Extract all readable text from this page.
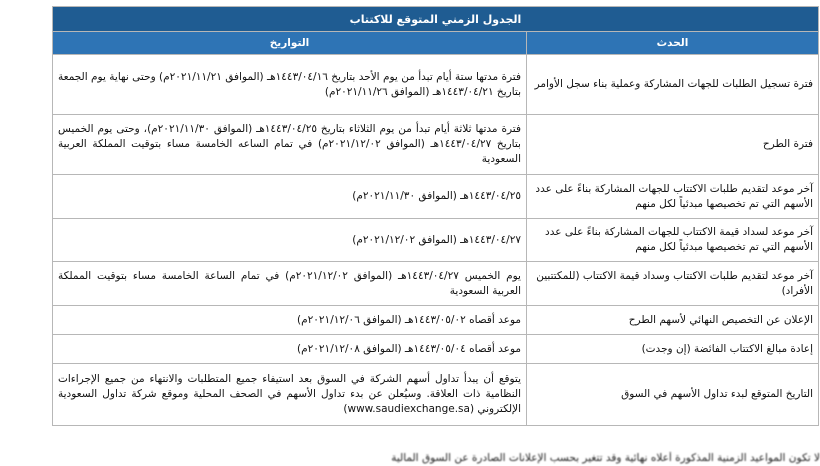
الجدول الزمني المتوقع للاكتتاب	
الحدث	التواريخ
فترة تسجيل الطلبات للجهات المشاركة وعملية بناء سجل الأوامر	فترة مدتها ستة أيام تبدأ من يوم الأحد بتاريخ ١٤٤٣/٠٤/١٦هـ (الموافق ٢٠٢١/١١/٢١م) وحتى نهاية يوم الجمعة بتاريخ ١٤٤٣/٠٤/٢١هـ (الموافق ٢٠٢١/١١/٢٦م)
فترة الطرح	فترة مدتها ثلاثة أيام تبدأ من يوم الثلاثاء بتاريخ ١٤٤٣/٠٤/٢٥هـ (الموافق ٢٠٢١/١١/٣٠م)، وحتى يوم الخميس بتاريخ ١٤٤٣/٠٤/٢٧هـ (الموافق ٢٠٢١/١٢/٠٢م) في تمام الساعه الخامسة مساء بتوقيت المملكة العربية السعودية
آخر موعد لتقديم طلبات الاكتتاب للجهات المشاركة بناءً على عدد الأسهم التي تم تخصيصها مبدئياً لكل منهم	١٤٤٣/٠٤/٢٥هـ (الموافق ٢٠٢١/١١/٣٠م)
آخر موعد لسداد قيمة الاكتتاب للجهات المشاركة بناءً على عدد الأسهم التي تم تخصيصها مبدئياً لكل منهم	١٤٤٣/٠٤/٢٧هـ (الموافق ٢٠٢١/١٢/٠٢م)
آخر موعد لتقديم طلبات الاكتتاب وسداد قيمة الاكتتاب (للمكتتبين الأفراد)	يوم الخميس ١٤٤٣/٠٤/٢٧هـ (الموافق ٢٠٢١/١٢/٠٢م) في تمام الساعة الخامسة مساء بتوقيت المملكة العربية السعودية
الإعلان عن التخصيص النهائي لأسهم الطرح	موعد أقصاه ١٤٤٣/٠٥/٠٢هـ (الموافق ٢٠٢١/١٢/٠٦م)
إعادة مبالغ الاكتتاب الفائضة (إن وجدت)	موعد أقصاه ١٤٤٣/٠٥/٠٤هـ (الموافق ٢٠٢١/١٢/٠٨م)
التاريخ المتوقع لبدء تداول الأسهم في السوق	يتوقع أن يبدأ تداول أسهم الشركة في السوق بعد استيفاء جميع المتطلبات والانتهاء من جميع الإجراءات النظامية ذات العلاقة. وسيُعلن عن بدء تداول الأسهم في الصحف المحلية وموقع شركة تداول السعودية الإلكتروني (www.saudiexchange.sa)
لا تكون المواعيد الزمنية المذكورة أعلاه نهائية وقد تتغير بحسب الإعلانات الصادرة عن السوق المالية
